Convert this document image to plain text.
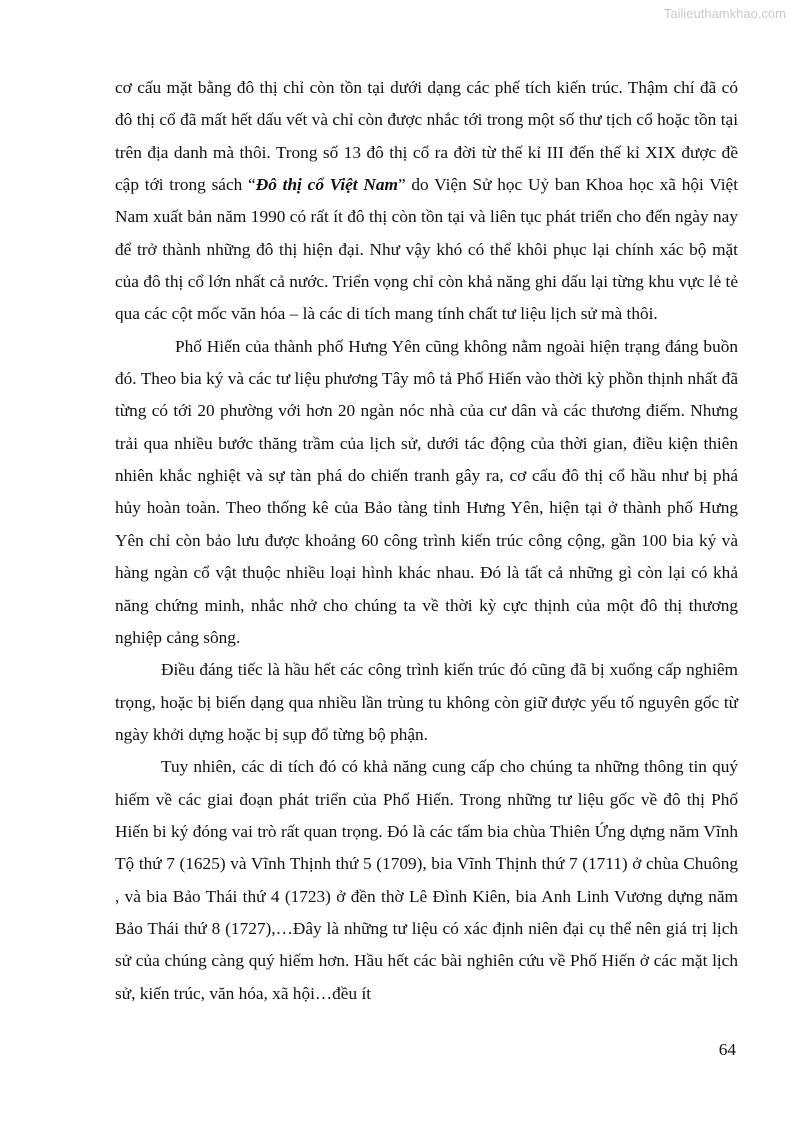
Tailieuthamkhao.com

cơ cấu mặt bằng đô thị chỉ còn tồn tại dưới dạng các phế tích kiến trúc. Thậm chí đã có đô thị cổ đã mất hết dấu vết và chỉ còn được nhắc tới trong một số thư tịch cổ hoặc tồn tại trên địa danh mà thôi. Trong số 13 đô thị cổ ra đời từ thế kỉ III đến thế kỉ XIX được đề cập tới trong sách “Đô thị cổ Việt Nam” do Viện Sử học Uỷ ban Khoa học xã hội Việt Nam xuất bản năm 1990 có rất ít đô thị còn tồn tại và liên tục phát triển cho đến ngày nay để trở thành những đô thị hiện đại. Như vậy khó có thể khôi phục lại chính xác bộ mặt của đô thị cổ lớn nhất cả nước. Triển vọng chỉ còn khả năng ghi dấu lại từng khu vực lẻ tẻ qua các cột mốc văn hóa – là các di tích mang tính chất tư liệu lịch sử mà thôi.

Phố Hiến của thành phố Hưng Yên cũng không nằm ngoài hiện trạng đáng buồn đó. Theo bia ký và các tư liệu phương Tây mô tả Phố Hiến vào thời kỳ phồn thịnh nhất đã từng có tới 20 phường với hơn 20 ngàn nóc nhà của cư dân và các thương điếm. Nhưng trải qua nhiều bước thăng trầm của lịch sử, dưới tác động của thời gian, điều kiện thiên nhiên khắc nghiệt và sự tàn phá do chiến tranh gây ra, cơ cấu đô thị cổ hầu như bị phá hủy hoàn toàn. Theo thống kê của Bảo tàng tỉnh Hưng Yên, hiện tại ở thành phố Hưng Yên chỉ còn bảo lưu được khoảng 60 công trình kiến trúc công cộng, gần 100 bia ký và hàng ngàn cổ vật thuộc nhiều loại hình khác nhau. Đó là tất cả những gì còn lại có khả năng chứng minh, nhắc nhở cho chúng ta về thời kỳ cực thịnh của một đô thị thương nghiệp cảng sông.

Điều đáng tiếc là hầu hết các công trình kiến trúc đó cũng đã bị xuống cấp nghiêm trọng, hoặc bị biến dạng qua nhiều lần trùng tu không còn giữ được yếu tố nguyên gốc từ ngày khởi dựng hoặc bị sụp đổ từng bộ phận.

Tuy nhiên, các di tích đó có khả năng cung cấp cho chúng ta những thông tin quý hiếm về các giai đoạn phát triển của Phố Hiến. Trong những tư liệu gốc về đô thị Phố Hiến bi ký đóng vai trò rất quan trọng. Đó là các tấm bia chùa Thiên Ứng dựng năm Vĩnh Tộ thứ 7 (1625) và Vĩnh Thịnh thứ 5 (1709), bia Vĩnh Thịnh thứ 7 (1711) ở chùa Chuông , và bia Bảo Thái thứ 4 (1723) ở đền thờ Lê Đình Kiên, bia Anh Linh Vương dựng năm Bảo Thái thứ 8 (1727),…Đây là những tư liệu có xác định niên đại cụ thể nên giá trị lịch sử của chúng càng quý hiếm hơn. Hầu hết các bài nghiên cứu về Phố Hiến ở các mặt lịch sử, kiến trúc, văn hóa, xã hội…đều ít

64
